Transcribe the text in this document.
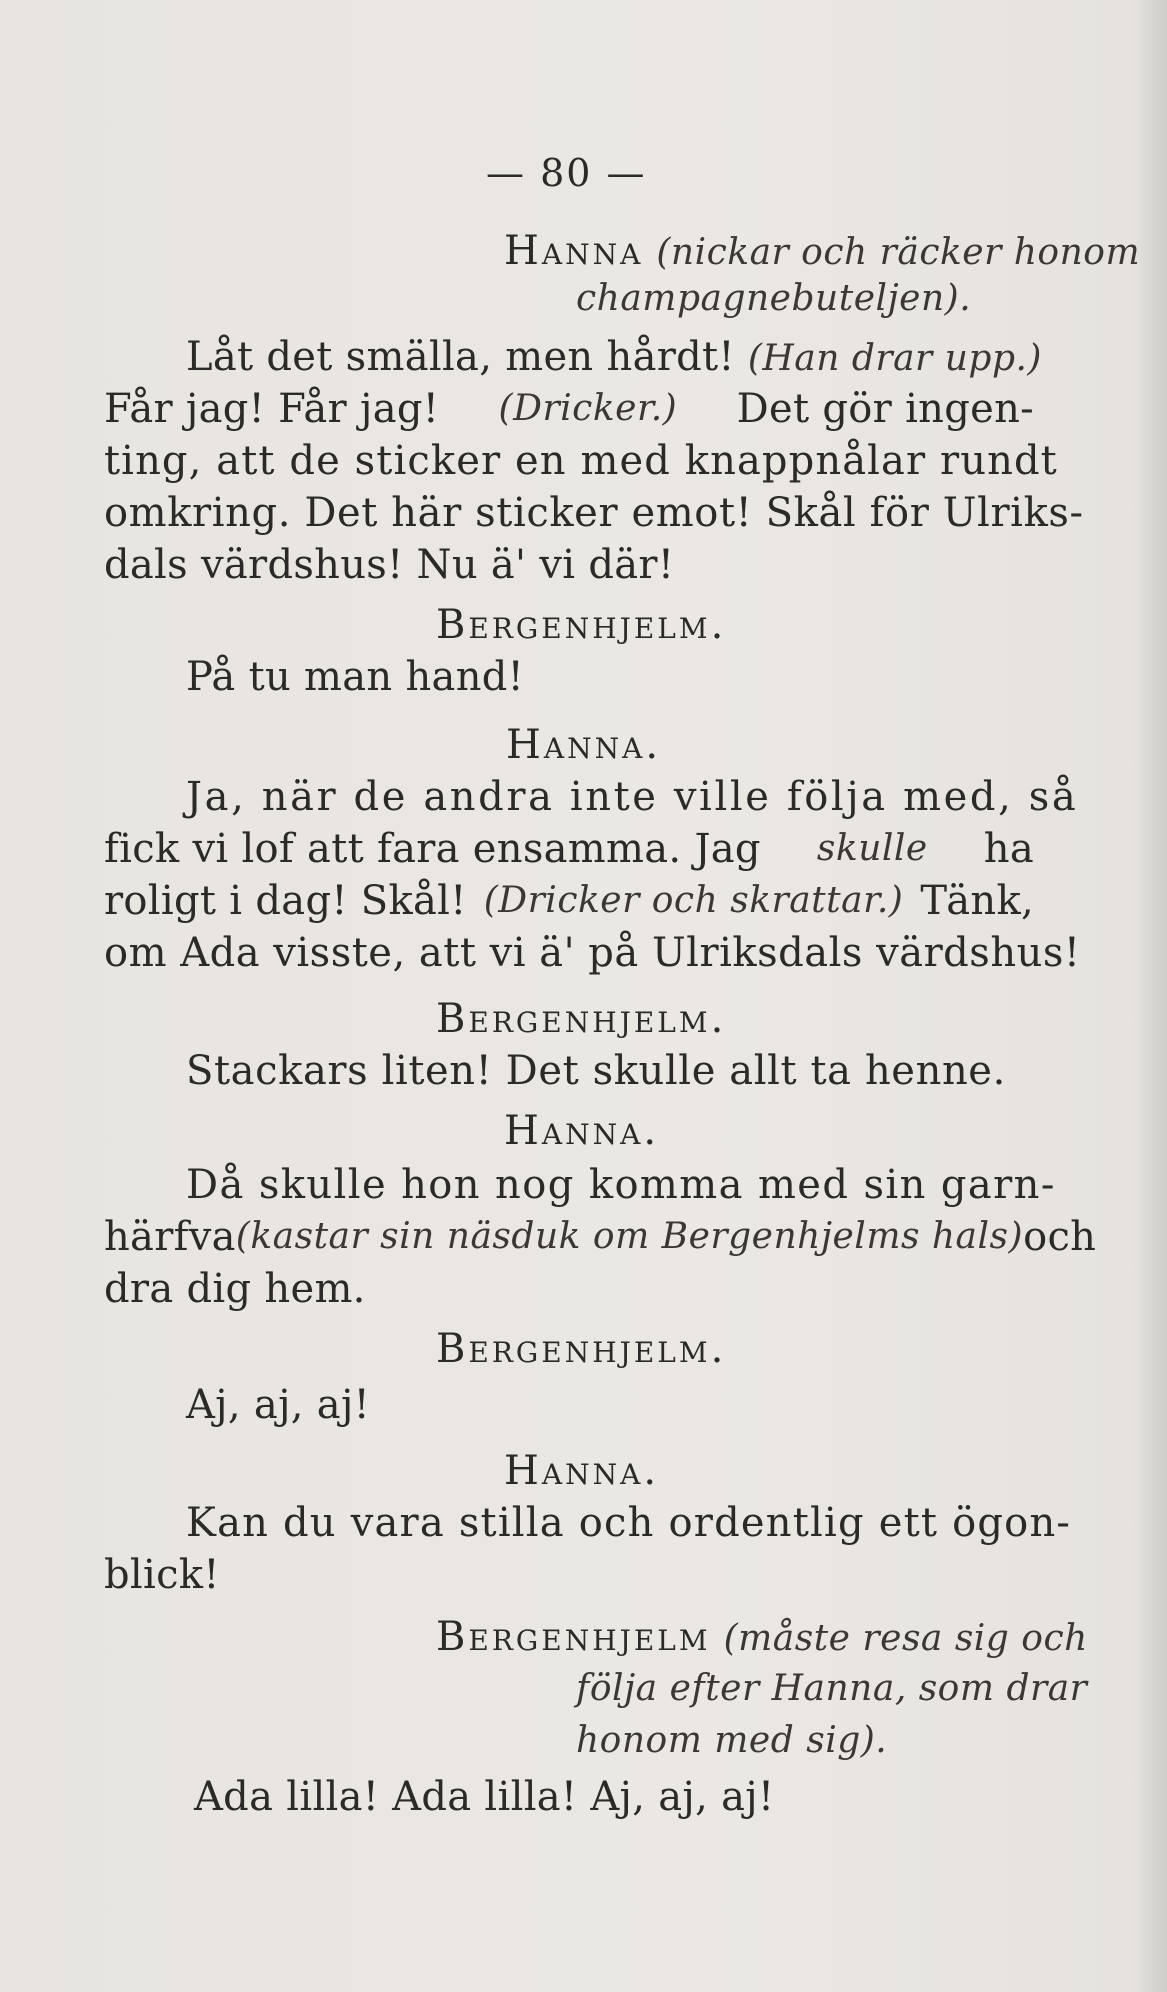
— 80 —
Hanna (nickar och räcker honom
champagnebuteljen).
Låt det smälla, men hårdt! (Han drar upp.)
Får jag! Får jag! (Dricker.) Det gör ingen-
ting, att de sticker en med knappnålar rundt
omkring. Det här sticker emot! Skål för Ulriks-
dals värdshus! Nu ä' vi där!
Bergenhjelm.
På tu man hand!
Hanna.
Ja, när de andra inte ville följa med, så
fick vi lof att fara ensamma. Jag skulle ha
roligt i dag! Skål! (Dricker och skrattar.) Tänk,
om Ada visste, att vi ä' på Ulriksdals värdshus!
Bergenhjelm.
Stackars liten! Det skulle allt ta henne.
Hanna.
Då skulle hon nog komma med sin garn-
härfva (kastar sin näsduk om Bergenhjelms hals) och
dra dig hem.
Bergenhjelm.
Aj, aj, aj!
Hanna.
Kan du vara stilla och ordentlig ett ögon-
blick!
Bergenhjelm (måste resa sig och
följa efter Hanna, som drar
honom med sig).
Ada lilla! Ada lilla! Aj, aj, aj!
